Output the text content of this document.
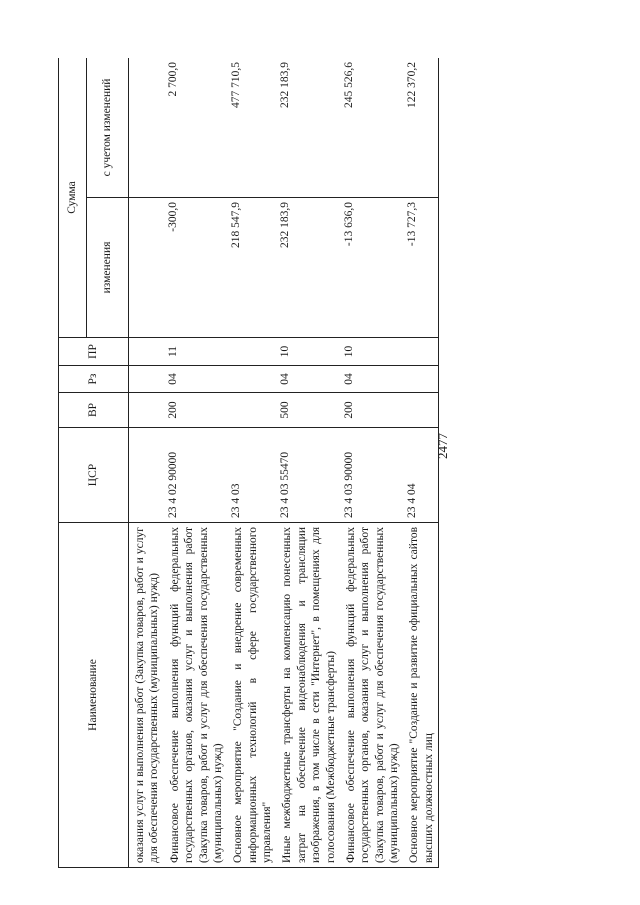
2477
Наименование	ЦСР	ВР	Рз	ПР	Сумма	
					изменения	с учетом изменений
оказания услуг и выполнения работ (Закупка товаров, работ и услуг для обеспечения государственных (муниципальных) нужд)						
Финансовое обеспечение выполнения функций федеральных государственных органов, оказания услуг и выполнения работ (Закупка товаров, работ и услуг для обеспечения государственных (муниципальных) нужд)	23 4 02 90000	200	04	11	-300,0	2 700,0
Основное мероприятие "Создание и внедрение современных информационных технологий в сфере государственного управления"	23 4 03				218 547,9	477 710,5
Иные межбюджетные трансферты на компенсацию понесенных затрат на обеспечение видеонаблюдения и трансляции изображения, в том числе в сети "Интернет", в помещениях для голосования (Межбюджетные трансферты)	23 4 03 55470	500	04	10	232 183,9	232 183,9
Финансовое обеспечение выполнения функций федеральных государственных органов, оказания услуг и выполнения работ (Закупка товаров, работ и услуг для обеспечения государственных (муниципальных) нужд)	23 4 03 90000	200	04	10	-13 636,0	245 526,6
Основное мероприятие "Создание и развитие официальных сайтов высших должностных лиц	23 4 04				-13 727,3	122 370,2
